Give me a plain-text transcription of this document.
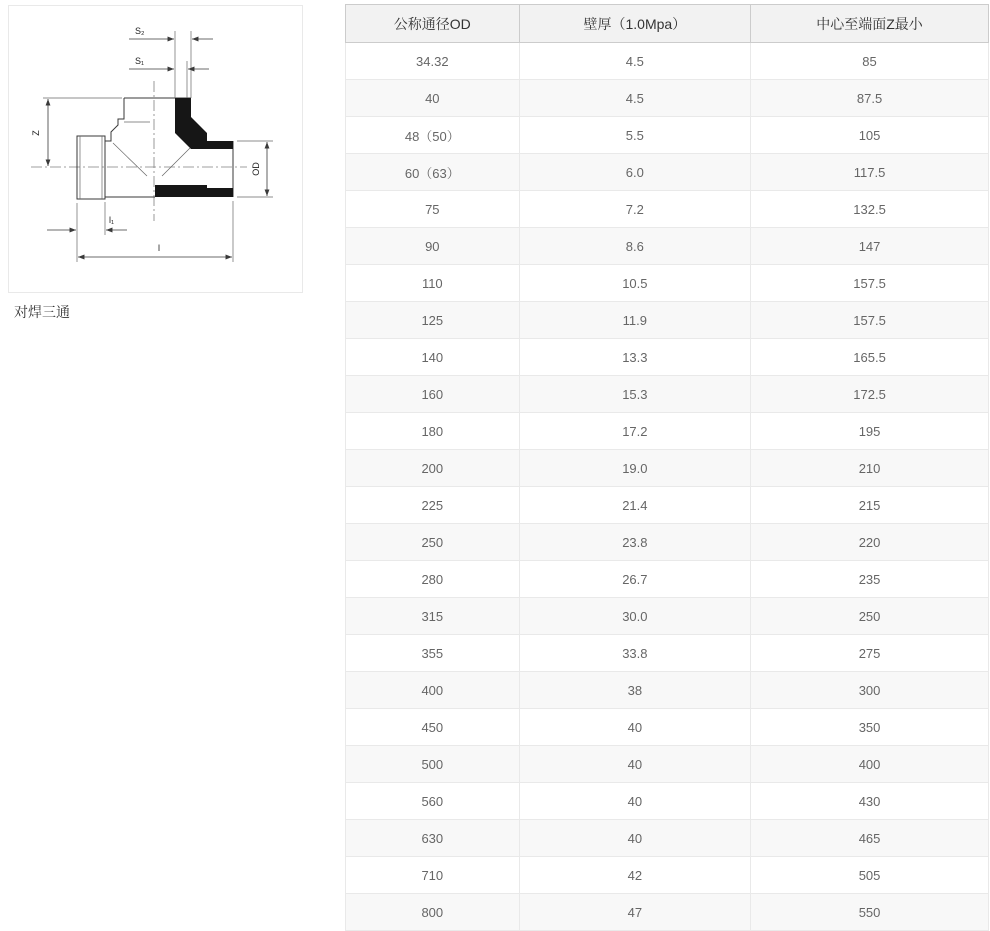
S₂
S₁
Z
OD
l₁
l
对焊三通
公称通径OD	壁厚（1.0Mpa）	中心至端面Z最小
34.32	4.5	85
40	4.5	87.5
48（50）	5.5	105
60（63）	6.0	117.5
75	7.2	132.5
90	8.6	147
110	10.5	157.5
125	11.9	157.5
140	13.3	165.5
160	15.3	172.5
180	17.2	195
200	19.0	210
225	21.4	215
250	23.8	220
280	26.7	235
315	30.0	250
355	33.8	275
400	38	300
450	40	350
500	40	400
560	40	430
630	40	465
710	42	505
800	47	550
